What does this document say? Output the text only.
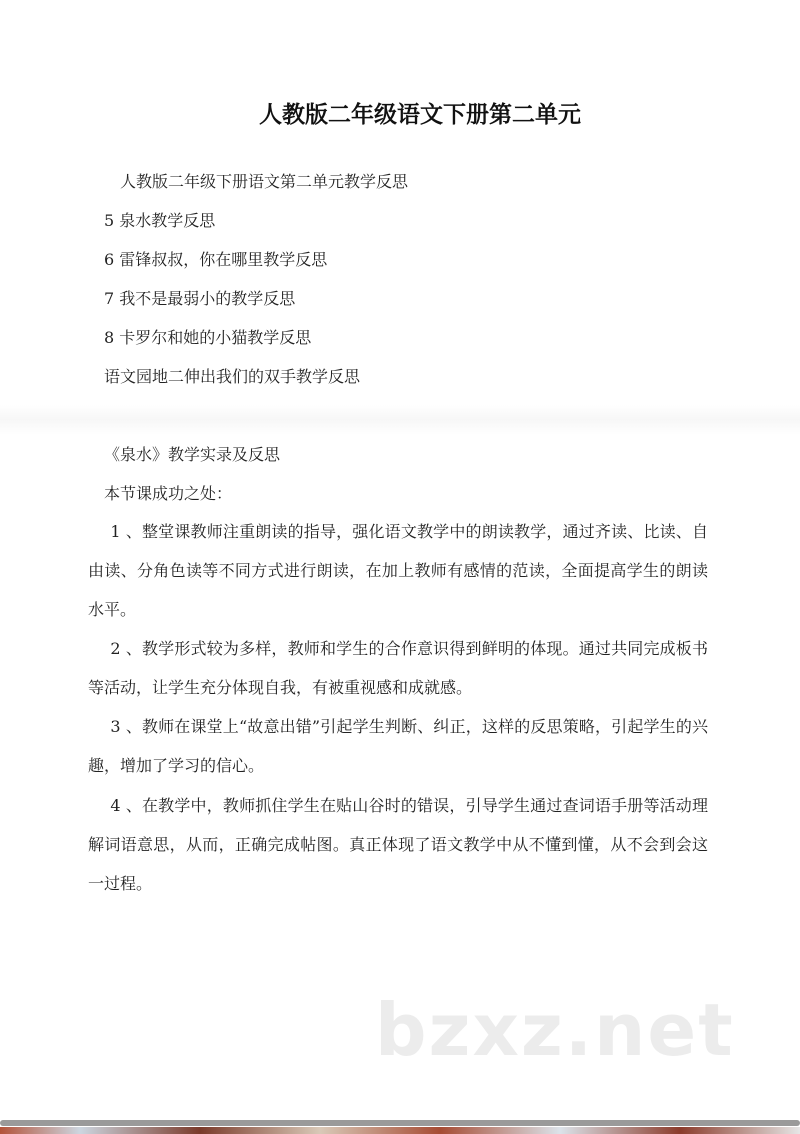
人教版二年级语文下册第二单元
人教版二年级下册语文第二单元教学反思
5 泉水教学反思
6 雷锋叔叔，你在哪里教学反思
7 我不是最弱小的教学反思
8 卡罗尔和她的小猫教学反思
语文园地二伸出我们的双手教学反思
《泉水》教学实录及反思
本节课成功之处：
1 、整堂课教师注重朗读的指导，强化语文教学中的朗读教学，通过齐读、比读、自由读、分角色读等不同方式进行朗读，在加上教师有感情的范读，全面提高学生的朗读水平。
2 、教学形式较为多样，教师和学生的合作意识得到鲜明的体现。通过共同完成板书等活动，让学生充分体现自我，有被重视感和成就感。
3 、教师在课堂上“故意出错”引起学生判断、纠正，这样的反思策略，引起学生的兴趣，增加了学习的信心。
4 、在教学中，教师抓住学生在贴山谷时的错误，引导学生通过查词语手册等活动理解词语意思，从而，正确完成帖图。真正体现了语文教学中从不懂到懂，从不会到会这一过程。
bzxz.net
